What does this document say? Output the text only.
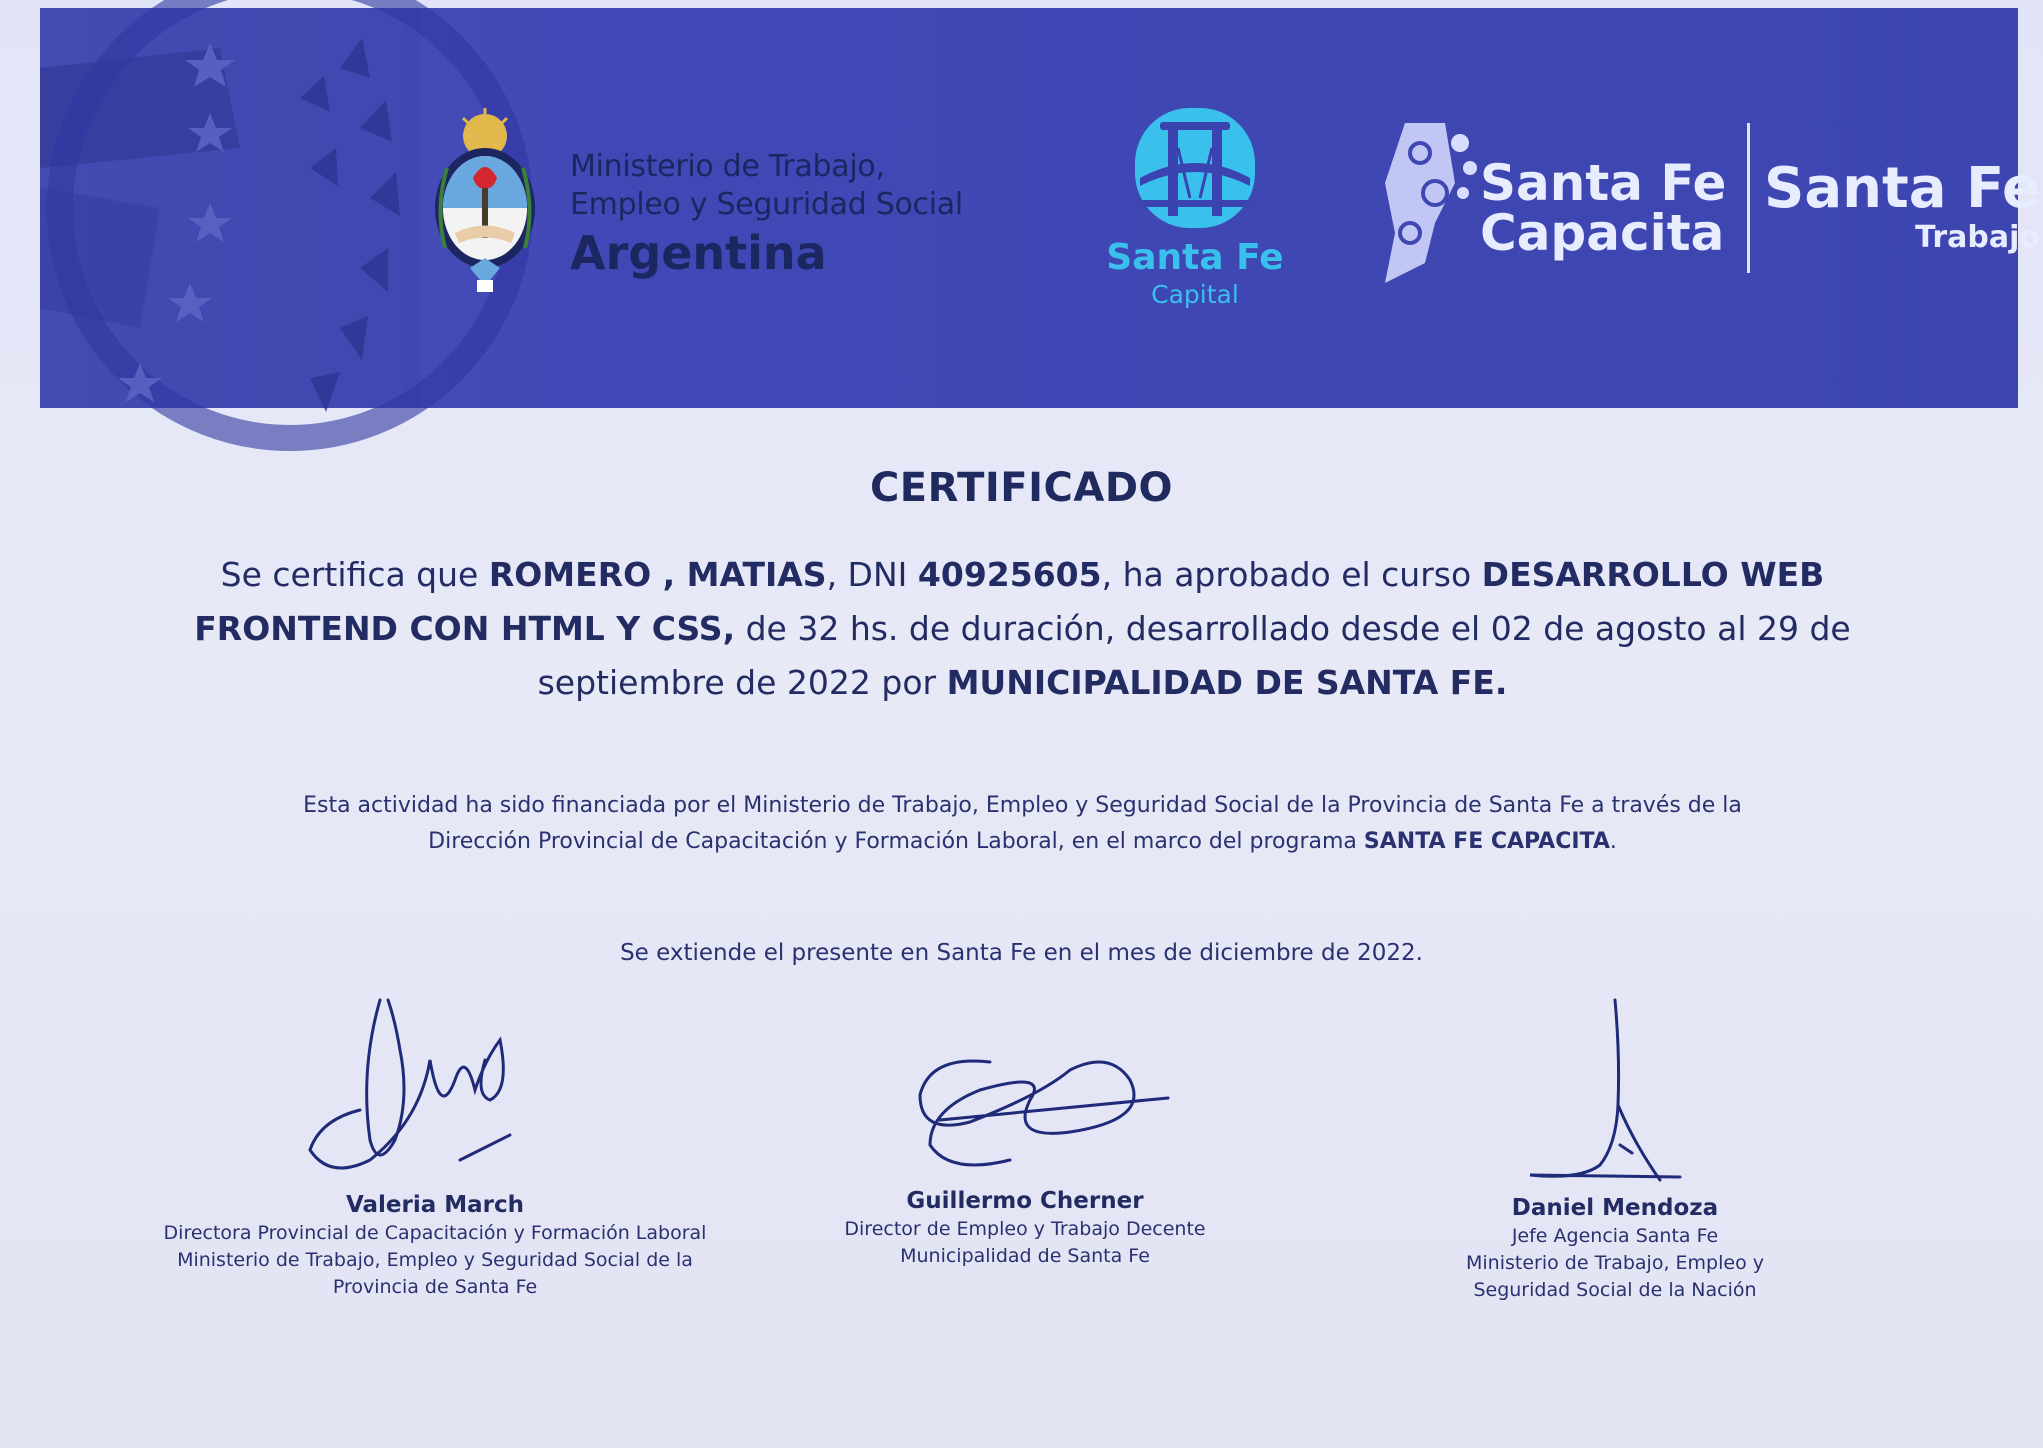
Ministerio de Trabajo,
Empleo y Seguridad Social
Argentina	Santa Fe
Capital
Santa Fe
Capacita
Santa Fe
Trabajo
CERTIFICADO
Se certifica que ROMERO , MATIAS, DNI 40925605, ha aprobado el curso DESARROLLO WEB FRONTEND CON HTML Y CSS, de 32 hs. de duración, desarrollado desde el 02 de agosto al 29 de septiembre de 2022 por MUNICIPALIDAD DE SANTA FE.
Esta actividad ha sido financiada por el Ministerio de Trabajo, Empleo y Seguridad Social de la Provincia de Santa Fe a través de la Dirección Provincial de Capacitación y Formación Laboral, en el marco del programa SANTA FE CAPACITA.
Se extiende el presente en Santa Fe en el mes de diciembre de 2022.
Valeria March
Directora Provincial de Capacitación y Formación Laboral
Ministerio de Trabajo, Empleo y Seguridad Social de la
Provincia de Santa Fe
Guillermo Cherner
Director de Empleo y Trabajo Decente
Municipalidad de Santa Fe
Daniel Mendoza
Jefe Agencia Santa Fe
Ministerio de Trabajo, Empleo y
Seguridad Social de la Nación
